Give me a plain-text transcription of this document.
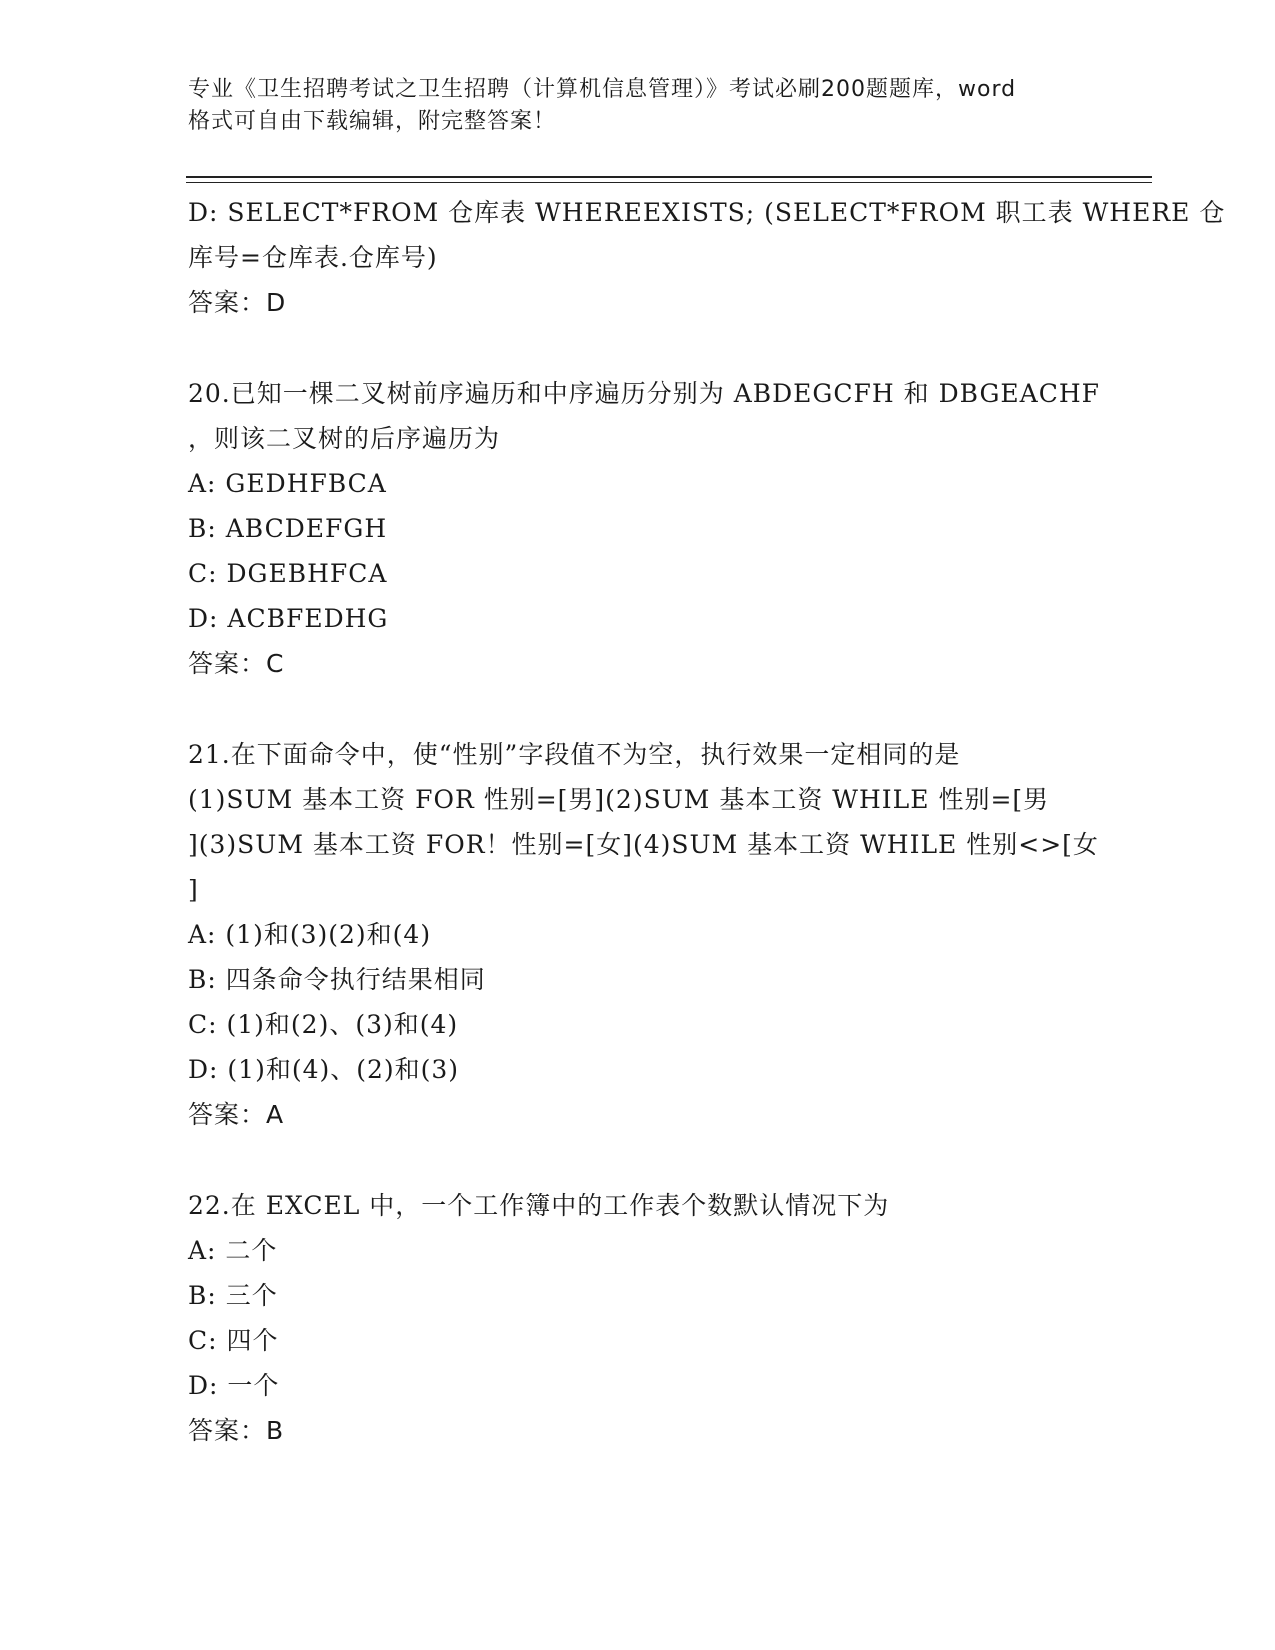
专业《卫生招聘考试之卫生招聘（计算机信息管理）》考试必刷200题题库，word
格式可自由下载编辑，附完整答案！
D: SELECT*FROM 仓库表 WHEREEXISTS; (SELECT*FROM 职工表 WHERE 仓
库号=仓库表.仓库号)
答案：D
20.已知一棵二叉树前序遍历和中序遍历分别为 ABDEGCFH 和 DBGEACHF
，则该二叉树的后序遍历为
A: GEDHFBCA
B: ABCDEFGH
C: DGEBHFCA
D: ACBFEDHG
答案：C
21.在下面命令中，使“性别”字段值不为空，执行效果一定相同的是
(1)SUM 基本工资 FOR 性别=[男](2)SUM 基本工资 WHILE 性别=[男
](3)SUM 基本工资 FOR！性别=[女](4)SUM 基本工资 WHILE 性别<>[女
]
A: (1)和(3)(2)和(4)
B: 四条命令执行结果相同
C: (1)和(2)、(3)和(4)
D: (1)和(4)、(2)和(3)
答案：A
22.在 EXCEL 中，一个工作簿中的工作表个数默认情况下为
A: 二个
B: 三个
C: 四个
D: 一个
答案：B
